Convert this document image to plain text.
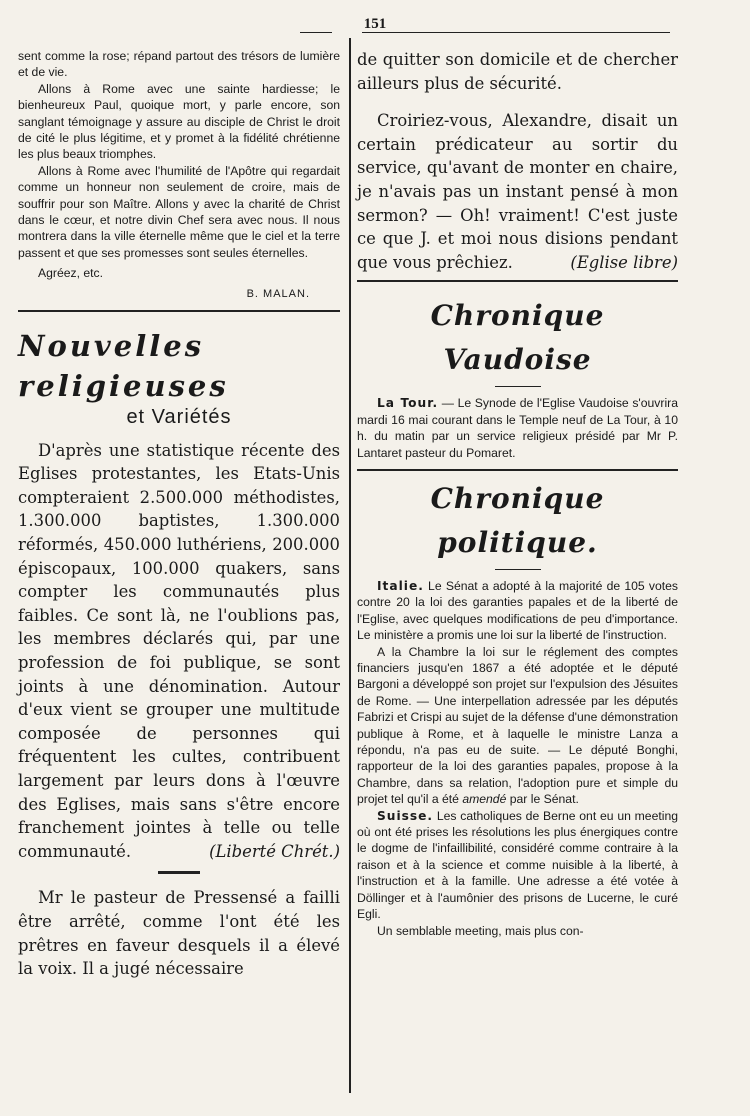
151

sent comme la rose; répand partout des trésors de lumière et de vie.

Allons à Rome avec une sainte hardiesse; le bienheureux Paul, quoique mort, y parle encore, son sanglant témoignage y assure au disciple de Christ le droit de cité le plus légitime, et y promet à la fidélité chrétienne les plus beaux triomphes.

Allons à Rome avec l'humilité de l'Apôtre qui regardait comme un honneur non seulement de croire, mais de souffrir pour son Maître. Allons y avec la charité de Christ dans le cœur, et notre divin Chef sera avec nous. Il nous montrera dans la ville éternelle même que le ciel et la terre passent et que ses promesses sont seules éternelles.

Agréez, etc.

B. MALAN.
Nouvelles religieuses
et Variétés

D'après une statistique récente des Eglises protestantes, les Etats-Unis compteraient 2.500.000 méthodistes, 1.300.000 baptistes, 1.300.000 réformés, 450.000 luthériens, 200.000 épiscopaux, 100.000 quakers, sans compter les communautés plus faibles. Ce sont là, ne l'oublions pas, les membres déclarés qui, par une profession de foi publique, se sont joints à une dénomination. Autour d'eux vient se grouper une multitude composée de personnes qui fréquentent les cultes, contribuent largement par leurs dons à l'œuvre des Eglises, mais sans s'être encore franchement jointes à telle ou telle communauté.	(Liberté Chrét.)

Mr le pasteur de Pressensé a failli être arrêté, comme l'ont été les prêtres en faveur desquels il a élevé la voix. Il a jugé nécessaire

de quitter son domicile et de chercher ailleurs plus de sécurité.

Croiriez-vous, Alexandre, disait un certain prédicateur au sortir du service, qu'avant de monter en chaire, je n'avais pas un instant pensé à mon sermon? — Oh! vraiment! C'est juste ce que J. et moi nous disions pendant que vous prêchiez.	(Eglise libre)

Chronique Vaudoise

La Tour. — Le Synode de l'Eglise Vaudoise s'ouvrira mardi 16 mai courant dans le Temple neuf de La Tour, à 10 h. du matin par un service religieux présidé par Mr P. Lantaret pasteur du Pomaret.

Chronique politique.

Italie. Le Sénat a adopté à la majorité de 105 votes contre 20 la loi des garanties papales et de la liberté de l'Eglise, avec quelques modifications de peu d'importance. Le ministère a promis une loi sur la liberté de l'instruction.

A la Chambre la loi sur le réglement des comptes financiers jusqu'en 1867 a été adoptée et le député Bargoni a développé son projet sur l'expulsion des Jésuites de Rome. — Une interpellation adressée par les députés Fabrizi et Crispi au sujet de la défense d'une démonstration publique à Rome, et à laquelle le ministre Lanza a répondu, n'a pas eu de suite. — Le député Bonghi, rapporteur de la loi des garanties papales, propose à la Chambre, dans sa relation, l'adoption pure et simple du projet tel qu'il a été amendé par le Sénat.

Suisse. Les catholiques de Berne ont eu un meeting où ont été prises les résolutions les plus énergiques contre le dogme de l'infaillibilité, considéré comme contraire à la raison et à la science et comme nuisible à la liberté, à l'instruction et à la famille. Une adresse a été votée à Döllinger et à l'aumônier des prisons de Lucerne, le curé Egli.

Un semblable meeting, mais plus con-
